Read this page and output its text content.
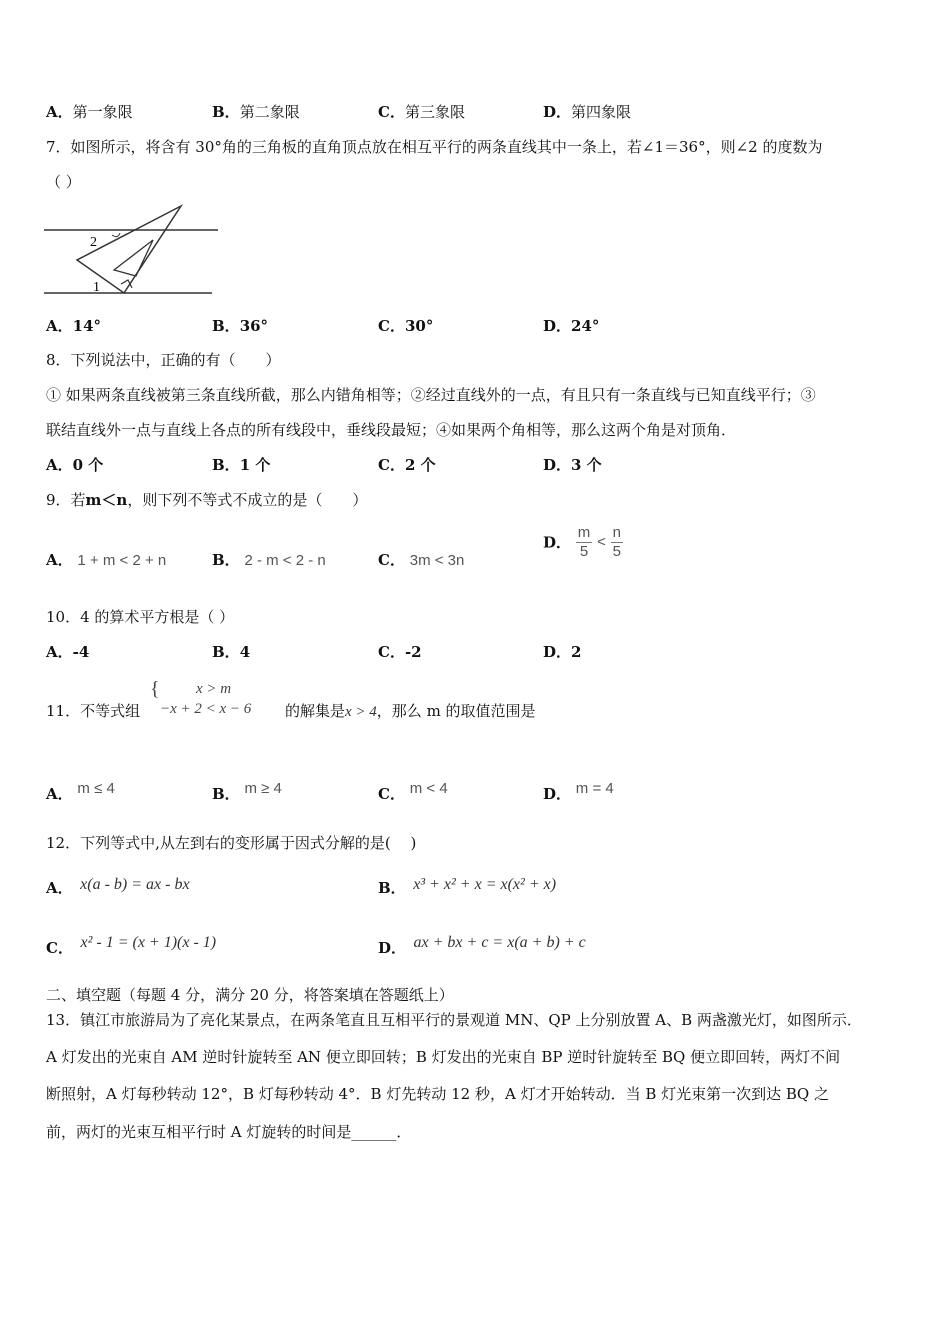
A．第一象限	B．第二象限	C．第三象限	D．第四象限
7．如图所示，将含有 30°角的三角板的直角顶点放在相互平行的两条直线其中一条上，若∠1＝36°，则∠2 的度数为
（ ）
2
1
A．14°	B．36°	C．30°	D．24°
8．下列说法中，正确的有（　　）
① 如果两条直线被第三条直线所截，那么内错角相等；②经过直线外的一点，有且只有一条直线与已知直线平行；③
联结直线外一点与直线上各点的所有线段中，垂线段最短；④如果两个角相等，那么这两个角是对顶角．
A．0 个	B．1 个	C．2 个	D．3 个
9．若m＜n，则下列不等式不成立的是（　　）
A． 1 + m < 2 + n	B． 2 - m < 2 - n	C． 3m < 3n
D． $\frac{m}{5} < \frac{n}{5}$
10．4 的算术平方根是（ ）
A．-4	B．4	C．-2	D．2
11．不等式组
{ x > m
−x + 2 < x − 6 的解集是x > 4，那么 m 的取值范围是
A． m ≤ 4	B． m ≥ 4	C． m < 4	D． m = 4
12．下列等式中,从左到右的变形属于因式分解的是(　 )
A．　 x(a - b) = ax - bx	B．　 x³ + x² + x = x(x² + x)
C．　 x² - 1 = (x + 1)(x - 1)	D．　 ax + bx + c = x(a + b) + c
二、填空题（每题 4 分，满分 20 分，将答案填在答题纸上）
13．镇江市旅游局为了亮化某景点，在两条笔直且互相平行的景观道 MN、QP 上分别放置 A、B 两盏激光灯，如图所示．
A 灯发出的光束自 AM 逆时针旋转至 AN 便立即回转；B 灯发出的光束自 BP 逆时针旋转至 BQ 便立即回转，两灯不间
断照射，A 灯每秒转动 12°，B 灯每秒转动 4°．B 灯先转动 12 秒，A 灯才开始转动．当 B 灯光束第一次到达 BQ 之
前，两灯的光束互相平行时 A 灯旋转的时间是______．
